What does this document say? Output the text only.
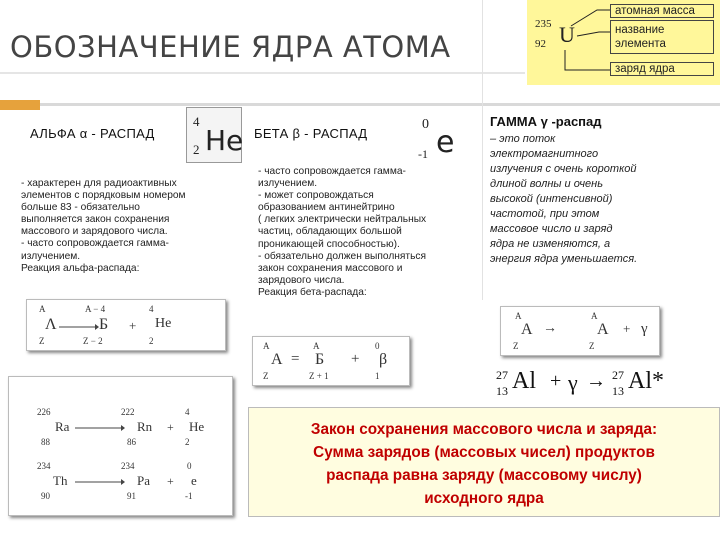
ОБОЗНАЧЕНИЕ ЯДРА АТОМА
235
92 U
атомная масса
название
элемента
заряд ядра
АЛЬФА α - РАСПАД
4
2 He
- характерен для радиоактивных
элементов с порядковым номером
больше 83 - обязательно
выполняется закон сохранения
массового и зарядового числа.
- часто сопровождается гамма-
излучением.
Реакция альфа-распада:
A
Λ
Z
A − 4
Б
Z − 2
+
4
He
2
226
Ra
88
222
Rn
86
+
4
He
2
234
Th
90
234
Pa
91
+
0
e
-1
БЕТА β - РАСПАД
0
-1 e
- часто сопровождается гамма-
излучением.
- может сопровождаться
образованием антинейтрино
( легких электрически нейтральных
частиц, обладающих большой
проникающей способностью).
- обязательно должен выполняться
закон сохранения массового и
зарядового числа.
Реакция бета-распада:
A
A
Z
=
A
Б
Z + 1
+
0
β
1
ГАММА γ -распад
– это поток
электромагнитного
излучения с очень короткой
длиной волны и очень
высокой (интенсивной)
частотой, при этом
массовое число и заряд
ядра не изменяются, а
энергия ядра уменьшается.
A
A
Z
→
A
A
Z
+ γ
27
13 Al + γ → 27
13 Al*
Закон сохранения массового числа и заряда:
Сумма зарядов (массовых чисел) продуктов
распада равна заряду (массовому числу)
исходного ядра
